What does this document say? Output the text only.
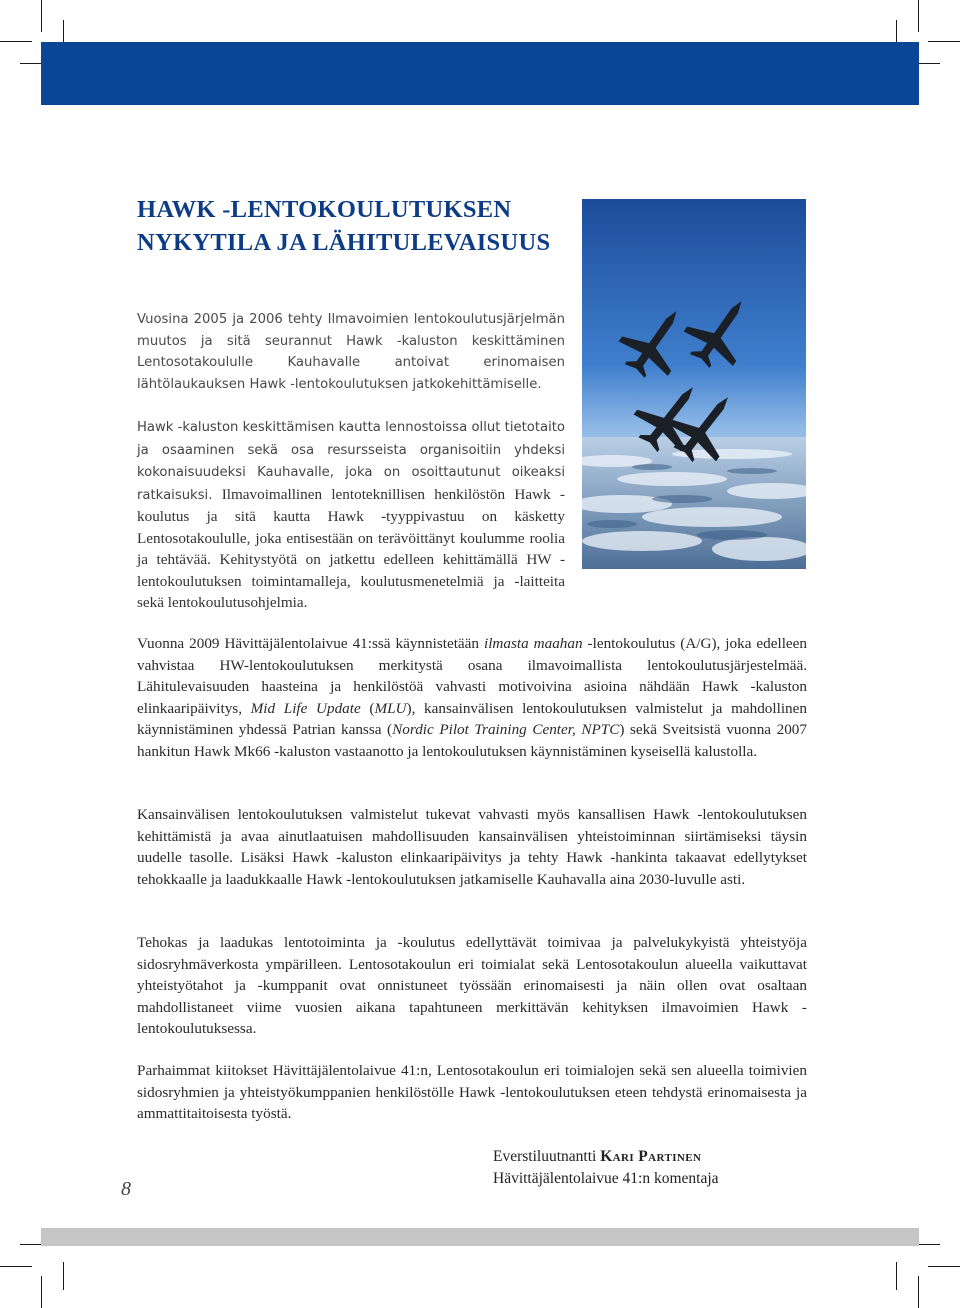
HAWK -LENTOKOULUTUKSEN
NYKYTILA JA LÄHITULEVAISUUS

Vuosina 2005 ja 2006 tehty Ilmavoimien lentokoulutusjärjelmän muutos ja sitä seurannut Hawk -kaluston keskittäminen Lentosotakoululle Kauhavalle antoivat erinomaisen lähtölaukauksen Hawk -lentokoulutuksen jatkokehittämiselle.

Hawk -kaluston keskittämisen kautta lennostoissa ollut tietotaito ja osaaminen sekä osa resursseista organisoitiin yhdeksi kokonaisuudeksi Kauhavalle, joka on osoittautunut oikeaksi ratkaisuksi. Ilmavoimallinen lentoteknillisen henkilöstön Hawk -koulutus ja sitä kautta Hawk -tyyppivastuu on käsketty Lentosotakoululle, joka entisestään on terävöittänyt koulumme roolia ja tehtävää. Kehitystyötä on jatkettu edelleen kehittämällä HW -lentokoulutuksen toimintamalleja, koulutusmenetelmiä ja -laitteita sekä lentokoulutusohjelmia.

Vuonna 2009 Hävittäjälentolaivue 41:ssä käynnistetään ilmasta maahan -lentokoulutus (A/G), joka edelleen vahvistaa HW-lentokoulutuksen merkitystä osana ilmavoimallista lentokoulutusjärjestelmää. Lähitulevaisuuden haasteina ja henkilöstöä vahvasti motivoivina asioina nähdään Hawk -kaluston elinkaaripäivitys, Mid Life Update (MLU), kansainvälisen lentokoulutuksen valmistelut ja mahdollinen käynnistäminen yhdessä Patrian kanssa (Nordic Pilot Training Center, NPTC) sekä Sveitsistä vuonna 2007 hankitun Hawk Mk66 -kaluston vastaanotto ja lentokoulutuksen käynnistäminen kyseisellä kalustolla.

Kansainvälisen lentokoulutuksen valmistelut tukevat vahvasti myös kansallisen Hawk -lentokoulutuksen kehittämistä ja avaa ainutlaatuisen mahdollisuuden kansainvälisen yhteistoiminnan siirtämiseksi täysin uudelle tasolle. Lisäksi Hawk -kaluston elinkaaripäivitys ja tehty Hawk -hankinta takaavat edellytykset tehokkaalle ja laadukkaalle Hawk -lentokoulutuksen jatkamiselle Kauhavalla aina 2030-luvulle asti.

Tehokas ja laadukas lentotoiminta ja -koulutus edellyttävät toimivaa ja palvelukykyistä yhteistyöja sidosryhmäverkosta ympärilleen. Lentosotakoulun eri toimialat sekä Lentosotakoulun alueella vaikuttavat yhteistyötahot ja -kumppanit ovat onnistuneet työssään erinomaisesti ja näin ollen ovat osaltaan mahdollistaneet viime vuosien aikana tapahtuneen merkittävän kehityksen ilmavoimien Hawk -lentokoulutuksessa.

Parhaimmat kiitokset Hävittäjälentolaivue 41:n, Lentosotakoulun eri toimialojen sekä sen alueella toimivien sidosryhmien ja yhteistyökumppanien henkilöstölle Hawk -lentokoulutuksen eteen tehdystä erinomaisesta ja ammattitaitoisesta työstä.

Everstiluutnantti Kari Partinen
Hävittäjälentolaivue 41:n komentaja
8
